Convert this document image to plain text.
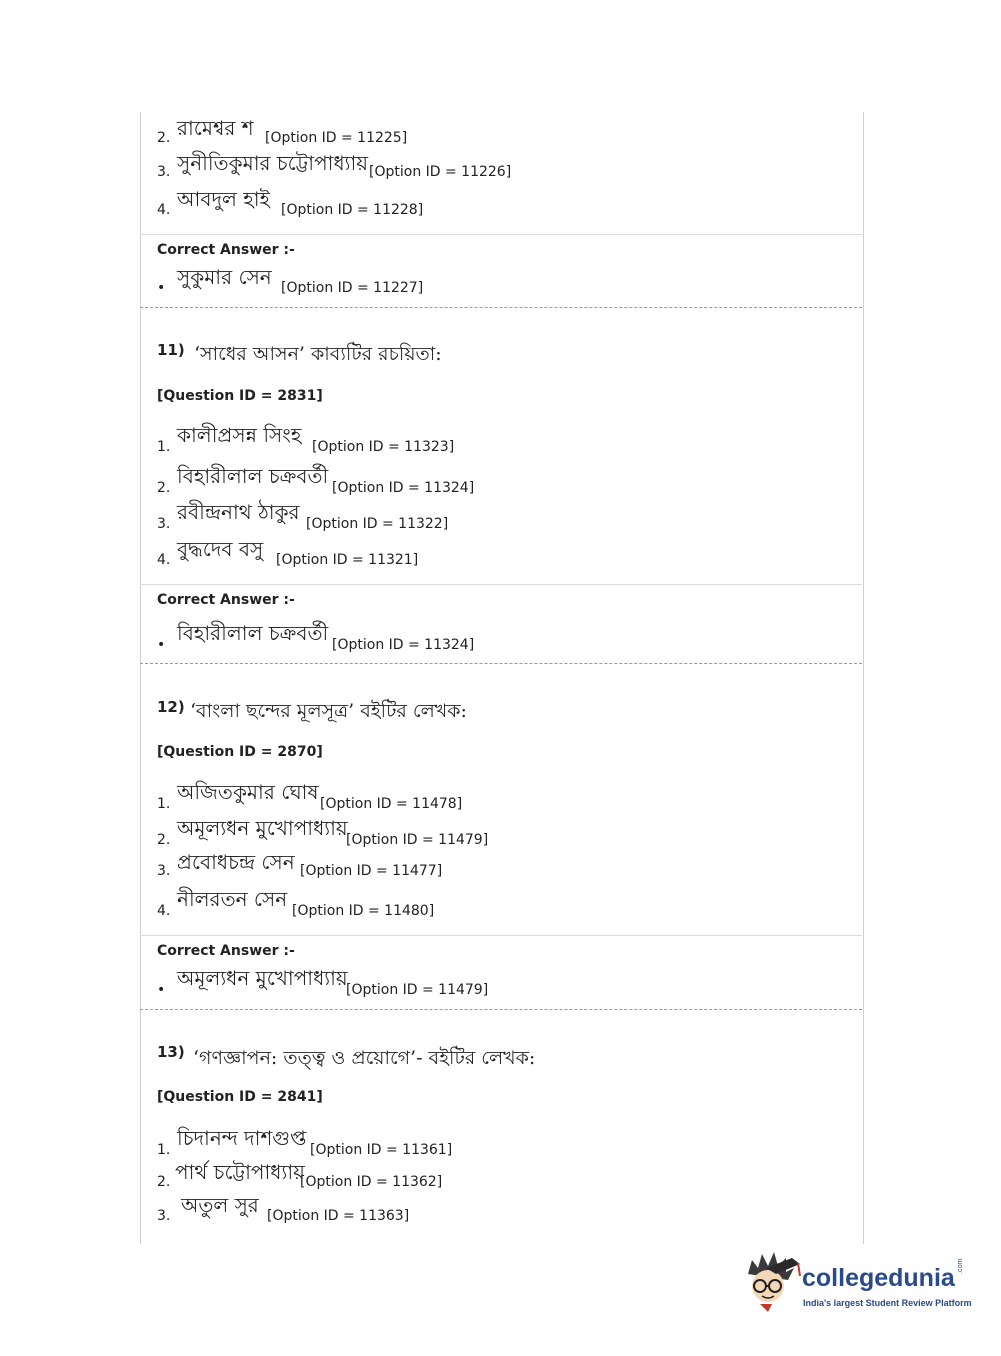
2. রামেশ্বর শ [Option ID = 11225]
3. সুনীতিকুমার চট্টোপাধ্যায় [Option ID = 11226]
4. আবদুল হাই [Option ID = 11228]
Correct Answer :-
• সুকুমার সেন [Option ID = 11227]
11) ‘সাধের আসন’ কাব্যটির রচয়িতা:
[Question ID = 2831]
1. কালীপ্রসন্ন সিংহ [Option ID = 11323]
2. বিহারীলাল চক্রবর্তী [Option ID = 11324]
3. রবীন্দ্রনাথ ঠাকুর [Option ID = 11322]
4. বুদ্ধদেব বসু [Option ID = 11321]
Correct Answer :-
• বিহারীলাল চক্রবর্তী [Option ID = 11324]
12) ‘বাংলা ছন্দের মূলসূত্র’ বইটির লেখক:
[Question ID = 2870]
1. অজিতকুমার ঘোষ [Option ID = 11478]
2. অমূল্যধন মুখোপাধ্যায়
[Option ID = 11479]
3. প্রবোধচন্দ্র সেন [Option ID = 11477]
4. নীলরতন সেন [Option ID = 11480]
Correct Answer :-
• অমূল্যধন মুখোপাধ্যায়
[Option ID = 11479]
13) ‘গণজ্ঞাপন: তত্ত্ব ও প্রয়োগে’- বইটির লেখক:
[Question ID = 2841]
1. চিদানন্দ দাশগুপ্ত [Option ID = 11361]
2. পার্থ চট্টোপাধ্যায়
[Option ID = 11362]
3. অতুল সুর [Option ID = 11363]
collegedunia .com
India's largest Student Review Platform
